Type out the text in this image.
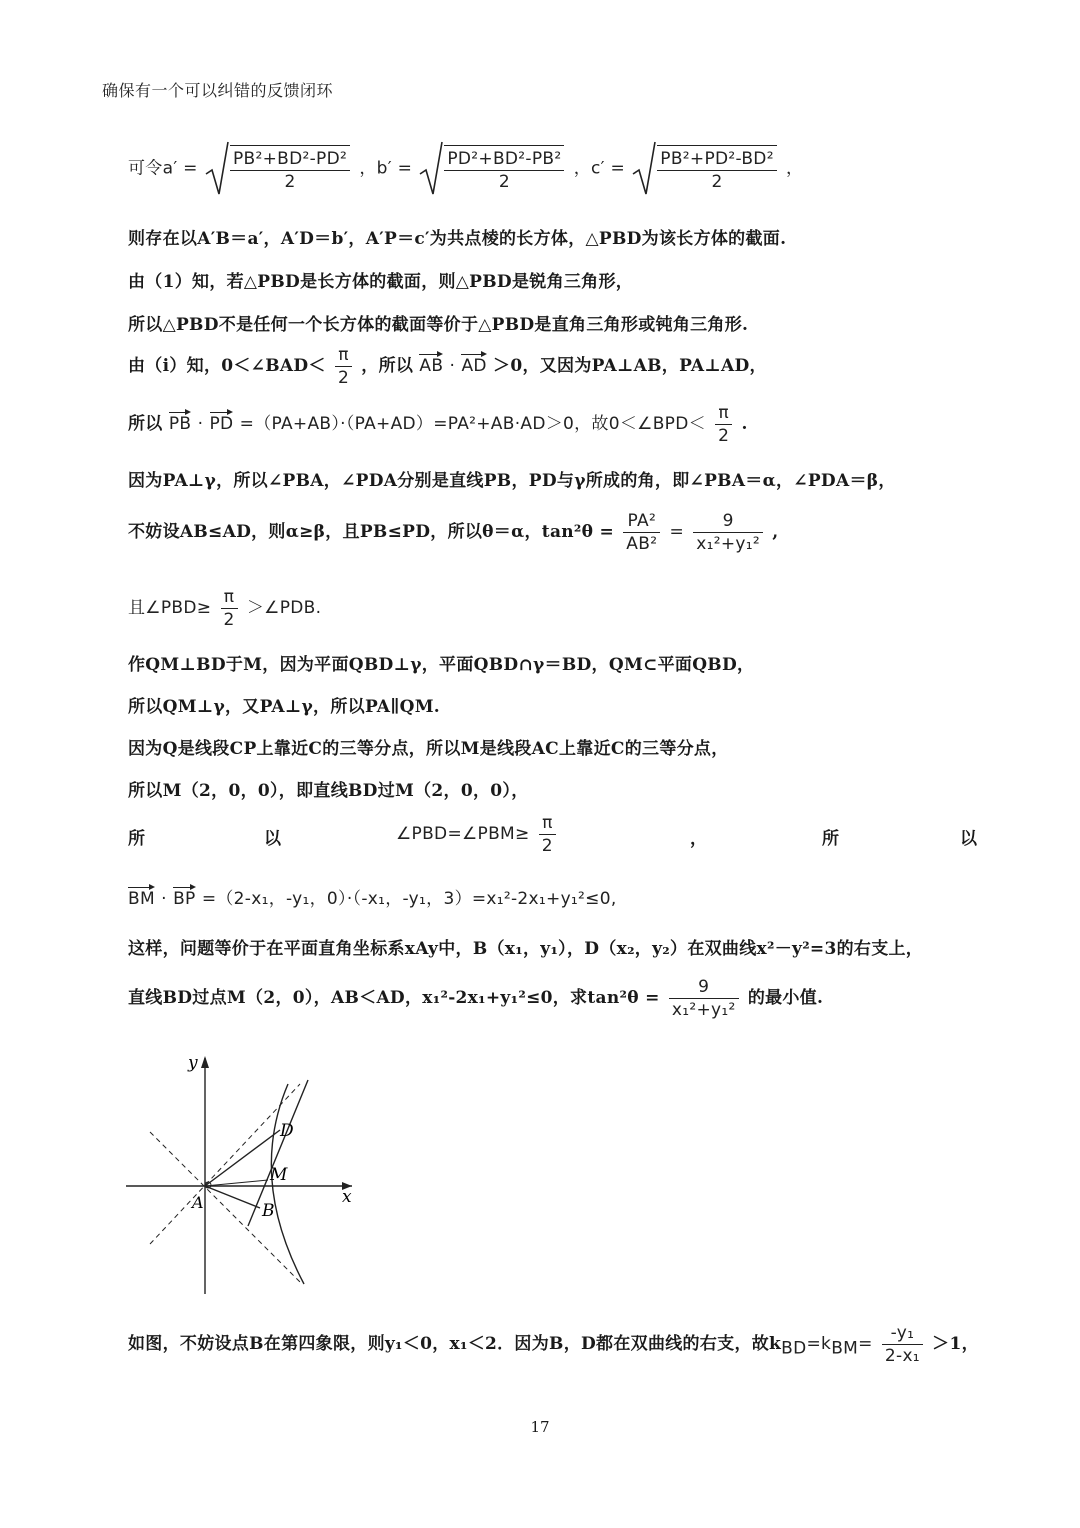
确保有一个可以纠错的反馈闭环
可令$a' = \frac{\text{PB²+BD²-PD²}}{2}$ ，$b' = \frac{\text{PD²+BD²-PB²}}{2}$ ，$c' = \frac{\text{PB²+PD²-BD²}}{2}$ ，
则存在以A′B＝a′，A′D＝b′，A′P＝c′为共点棱的长方体，△PBD为该长方体的截面.
由（1）知，若△PBD是长方体的截面，则△PBD是锐角三角形，
所以△PBD不是任何一个长方体的截面等价于△PBD是直角三角形或钝角三角形.
由（i）知，0＜∠BAD＜ $\frac{\pi}{2}$ ，所以 AB · AD ＞0，又因为PA⊥AB，PA⊥AD，
所以 PB · PD =（PA+AB）·（PA+AD）=PA²+AB·AD＞0，故0＜∠BPD＜ $\frac{\pi}{2}$ .
因为PA⊥γ，所以∠PBA，∠PDA分别是直线PB，PD与γ所成的角，即∠PBA＝α，∠PDA＝β，
不妨设AB≤AD，则α≥β，且PB≤PD，所以θ＝α，$\tan^2\theta = \frac{\text{PA²}}{\text{AB²}} = \frac{9}{\text{x₁²+y₁²}}$ ,
且∠PBD≥ $\frac{\pi}{2}$ ＞∠PDB.
作QM⊥BD于M，因为平面QBD⊥γ，平面QBD∩γ＝BD，QM⊂平面QBD，
所以QM⊥γ，又PA⊥γ，所以PA∥QM.
因为Q是线段CP上靠近C的三等分点，所以M是线段AC上靠近C的三等分点，
所以M（2，0，0），即直线BD过M（2，0，0），
所	以	∠PBD=∠PBM≥ $\frac{\pi}{2}$	，	所	以
BM · BP =（2-x₁，-y₁，0）·（-x₁，-y₁，3）=x₁²-2x₁+y₁²≤0,
这样，问题等价于在平面直角坐标系xAy中，B（x₁，y₁），D（x₂，y₂）在双曲线x²－y²=3的右支上，
直线BD过点M（2，0），AB＜AD，x₁²-2x₁+y₁²≤0，求$\tan^2\theta = \frac{9}{\text{x₁²+y₁²}}$ 的最小值.
x
y
A
D
M
B
如图，不妨设点B在第四象限，则y₁＜0，x₁＜2．因为B，D都在双曲线的右支，故$k_{BD}=k_{BM}= \frac{\text{-y₁}}{\text{2-x₁}} >1$，
17
